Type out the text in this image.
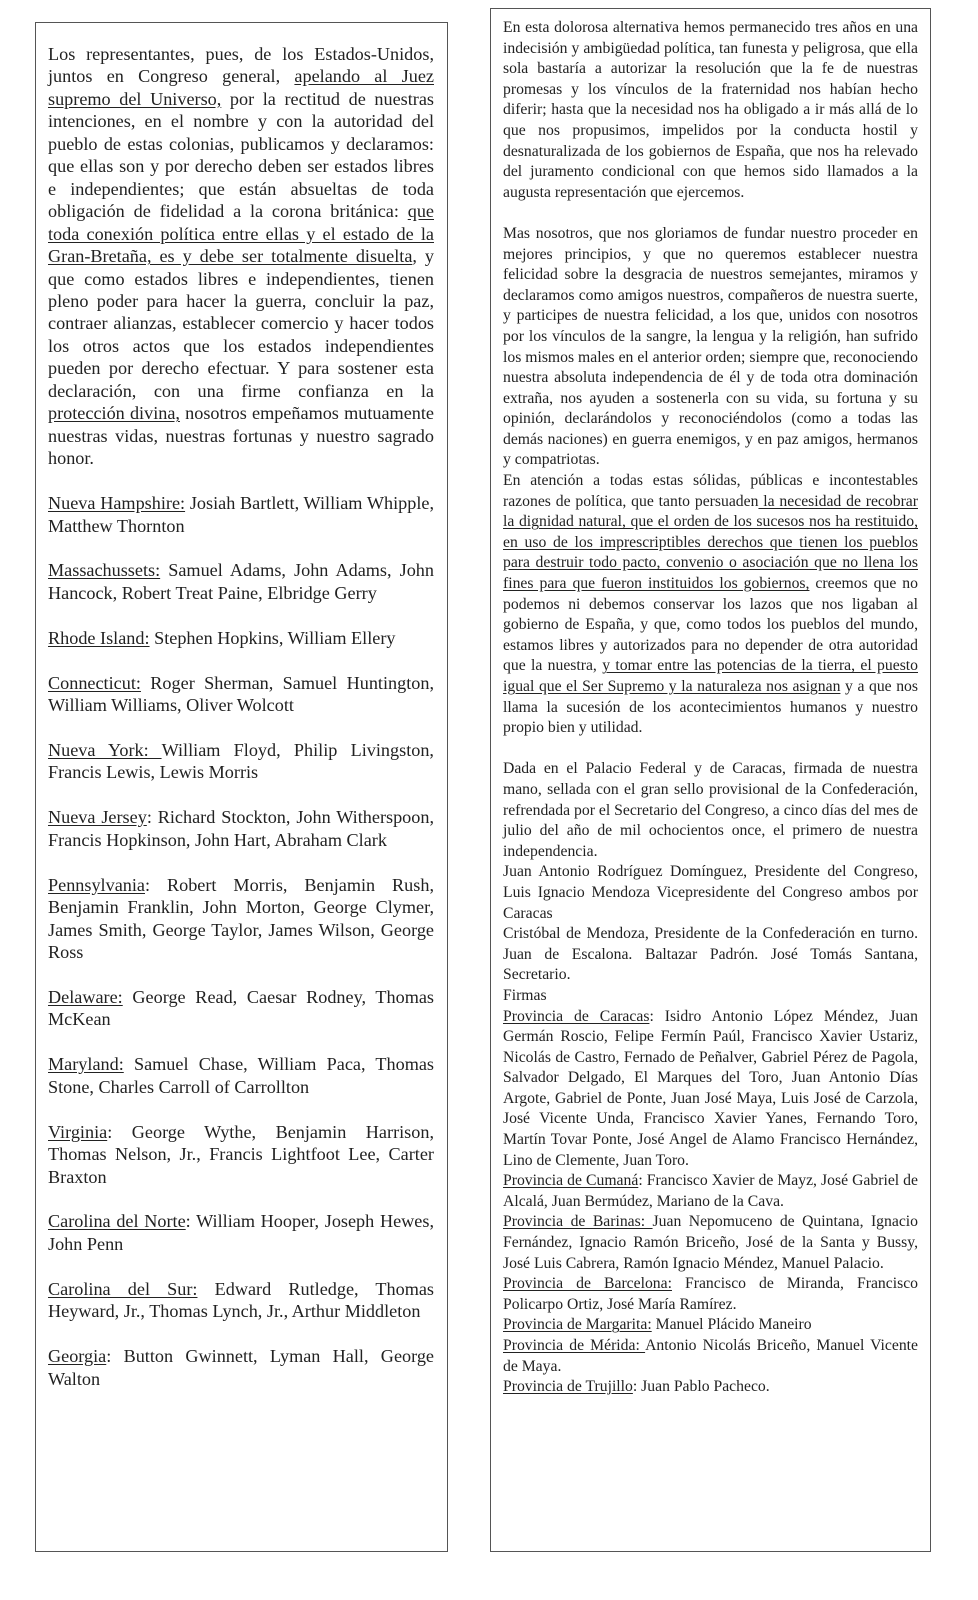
Los representantes, pues, de los Estados-Unidos, juntos en Congreso general, apelando al Juez supremo del Universo, por la rectitud de nuestras intenciones, en el nombre y con la autoridad del pueblo de estas colonias, publicamos y declaramos: que ellas son y por derecho deben ser estados libres e independientes; que están absueltas de toda obligación de fidelidad a la corona británica: que toda conexión política entre ellas y el estado de la Gran-Bretaña, es y debe ser totalmente disuelta, y que como estados libres e independientes, tienen pleno poder para hacer la guerra, concluir la paz, contraer alianzas, establecer comercio y hacer todos los otros actos que los estados independientes pueden por derecho efectuar. Y para sostener esta declaración, con una firme confianza en la protección divina, nosotros empeñamos mutuamente nuestras vidas, nuestras fortunas y nuestro sagrado honor.

Nueva Hampshire: Josiah Bartlett, William Whipple, Matthew Thornton

Massachussets: Samuel Adams, John Adams, John Hancock, Robert Treat Paine, Elbridge Gerry

Rhode Island: Stephen Hopkins, William Ellery

Connecticut: Roger Sherman, Samuel Huntington, William Williams, Oliver Wolcott

Nueva York: William Floyd, Philip Livingston, Francis Lewis, Lewis Morris

Nueva Jersey: Richard Stockton, John Witherspoon, Francis Hopkinson, John Hart, Abraham Clark

Pennsylvania: Robert Morris, Benjamin Rush, Benjamin Franklin, John Morton, George Clymer, James Smith, George Taylor, James Wilson, George Ross

Delaware: George Read, Caesar Rodney, Thomas McKean

Maryland: Samuel Chase, William Paca, Thomas Stone, Charles Carroll of Carrollton

Virginia: George Wythe, Benjamin Harrison, Thomas Nelson, Jr., Francis Lightfoot Lee, Carter Braxton

Carolina del Norte: William Hooper, Joseph Hewes, John Penn

Carolina del Sur: Edward Rutledge, Thomas Heyward, Jr., Thomas Lynch, Jr., Arthur Middleton

Georgia: Button Gwinnett, Lyman Hall, George Walton

En esta dolorosa alternativa hemos permanecido tres años en una indecisión y ambigüedad política, tan funesta y peligrosa, que ella sola bastaría a autorizar la resolución que la fe de nuestras promesas y los vínculos de la fraternidad nos habían hecho diferir; hasta que la necesidad nos ha obligado a ir más allá de lo que nos propusimos, impelidos por la conducta hostil y desnaturalizada de los gobiernos de España, que nos ha relevado del juramento condicional con que hemos sido llamados a la augusta representación que ejercemos.

Mas nosotros, que nos gloriamos de fundar nuestro proceder en mejores principios, y que no queremos establecer nuestra felicidad sobre la desgracia de nuestros semejantes, miramos y declaramos como amigos nuestros, compañeros de nuestra suerte, y participes de nuestra felicidad, a los que, unidos con nosotros por los vínculos de la sangre, la lengua y la religión, han sufrido los mismos males en el anterior orden; siempre que, reconociendo nuestra absoluta independencia de él y de toda otra dominación extraña, nos ayuden a sostenerla con su vida, su fortuna y su opinión, declarándolos y reconociéndolos (como a todas las demás naciones) en guerra enemigos, y en paz amigos, hermanos y compatriotas.

En atención a todas estas sólidas, públicas e incontestables razones de política, que tanto persuaden la necesidad de recobrar la dignidad natural, que el orden de los sucesos nos ha restituido, en uso de los imprescriptibles derechos que tienen los pueblos para destruir todo pacto, convenio o asociación que no llena los fines para que fueron instituidos los gobiernos, creemos que no podemos ni debemos conservar los lazos que nos ligaban al gobierno de España, y que, como todos los pueblos del mundo, estamos libres y autorizados para no depender de otra autoridad que la nuestra, y tomar entre las potencias de la tierra, el puesto igual que el Ser Supremo y la naturaleza nos asignan y a que nos llama la sucesión de los acontecimientos humanos y nuestro propio bien y utilidad.

Dada en el Palacio Federal y de Caracas, firmada de nuestra mano, sellada con el gran sello provisional de la Confederación, refrendada por el Secretario del Congreso, a cinco días del mes de julio del año de mil ochocientos once, el primero de nuestra independencia.

Juan Antonio Rodríguez Domínguez, Presidente del Congreso, Luis Ignacio Mendoza Vicepresidente del Congreso ambos por Caracas

Cristóbal de Mendoza, Presidente de la Confederación en turno. Juan de Escalona. Baltazar Padrón. José Tomás Santana, Secretario.

Firmas

Provincia de Caracas: Isidro Antonio López Méndez, Juan Germán Roscio, Felipe Fermín Paúl, Francisco Xavier Ustariz, Nicolás de Castro, Fernado de Peñalver, Gabriel Pérez de Pagola, Salvador Delgado, El Marques del Toro, Juan Antonio Días Argote, Gabriel de Ponte, Juan José Maya, Luis José de Carzola, José Vicente Unda, Francisco Xavier Yanes, Fernando Toro, Martín Tovar Ponte, José Angel de Alamo Francisco Hernández, Lino de Clemente, Juan Toro.

Provincia de Cumaná: Francisco Xavier de Mayz, José Gabriel de Alcalá, Juan Bermúdez, Mariano de la Cava.

Provincia de Barinas: Juan Nepomuceno de Quintana, Ignacio Fernández, Ignacio Ramón Briceño, José de la Santa y Bussy, José Luis Cabrera, Ramón Ignacio Méndez, Manuel Palacio.

Provincia de Barcelona: Francisco de Miranda, Francisco Policarpo Ortiz, José María Ramírez.

Provincia de Margarita: Manuel Plácido Maneiro

Provincia de Mérida: Antonio Nicolás Briceño, Manuel Vicente de Maya.

Provincia de Trujillo: Juan Pablo Pacheco.
